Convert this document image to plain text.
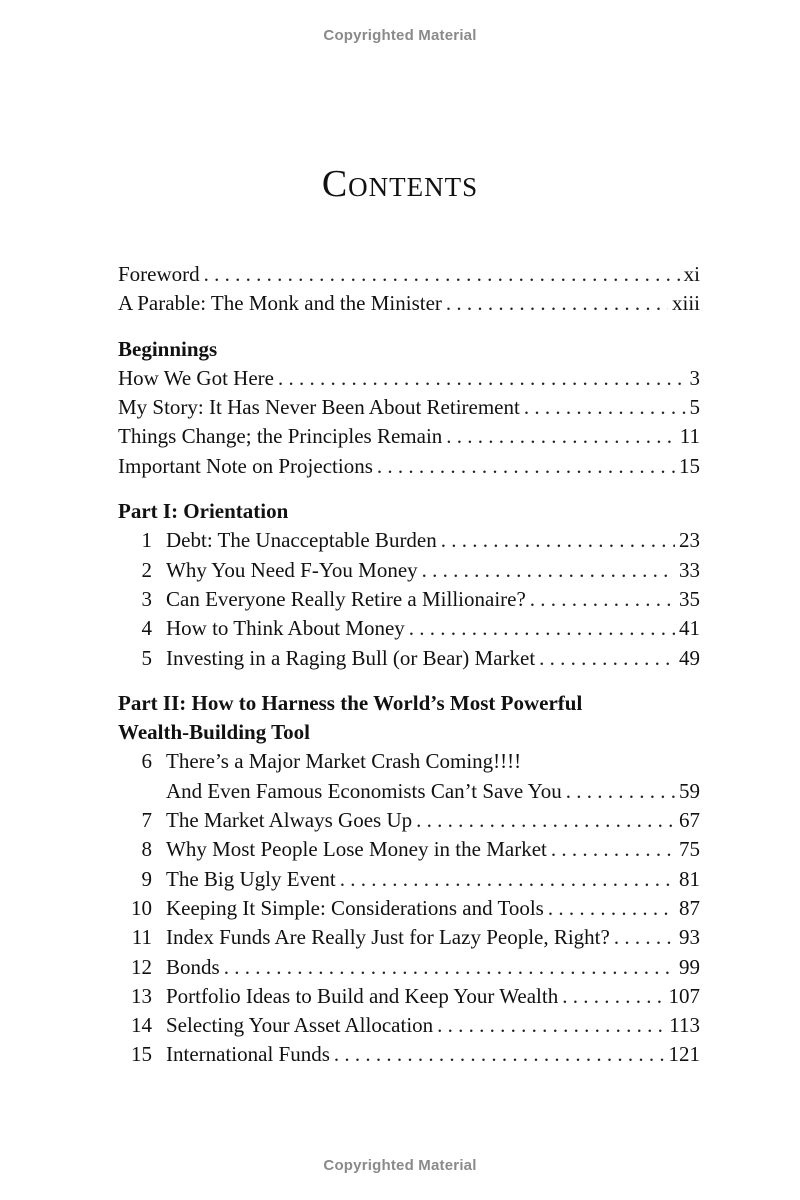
Copyrighted Material
Contents
Foreword . . .	xi
A Parable: The Monk and the Minister . . .	xiii
Beginnings
How We Got Here . . .	3
My Story: It Has Never Been About Retirement . . .	5
Things Change; the Principles Remain . . .	11
Important Note on Projections . . .	15
Part I: Orientation
1 Debt: The Unacceptable Burden . . .	23
2 Why You Need F-You Money . . .	33
3 Can Everyone Really Retire a Millionaire? . . .	35
4 How to Think About Money . . .	41
5 Investing in a Raging Bull (or Bear) Market . . .	49
Part II: How to Harness the World’s Most Powerful
Wealth-Building Tool
6 There’s a Major Market Crash Coming!!!!
And Even Famous Economists Can’t Save You . . .	59
7 The Market Always Goes Up . . .	67
8 Why Most People Lose Money in the Market . . .	75
9 The Big Ugly Event . . .	81
10 Keeping It Simple: Considerations and Tools . . .	87
11 Index Funds Are Really Just for Lazy People, Right? . . .	93
12 Bonds . . .	99
13 Portfolio Ideas to Build and Keep Your Wealth . . .	107
14 Selecting Your Asset Allocation . . .	113
15 International Funds . . .	121
Copyrighted Material
